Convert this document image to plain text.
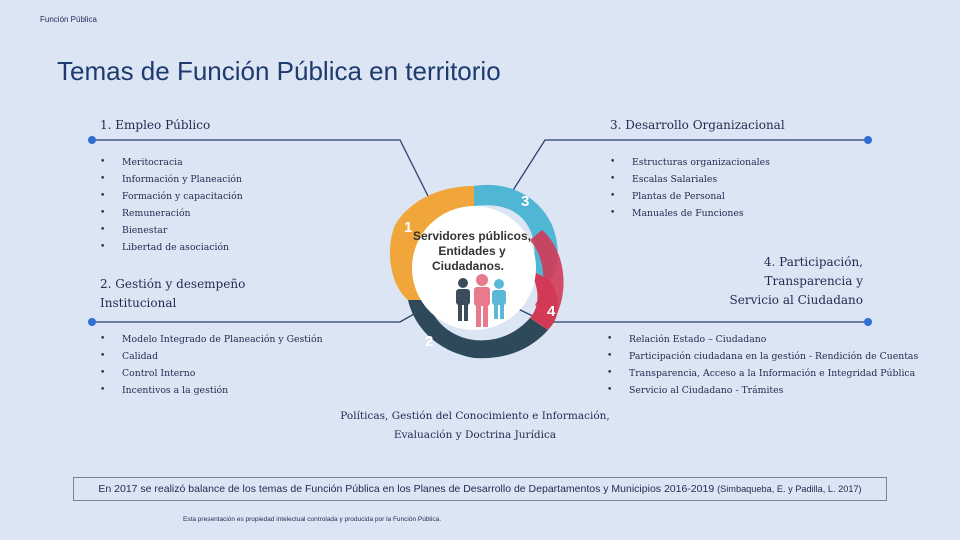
Función Pública
Temas de Función Pública en territorio
1
2
3
4
Servidores públicos,
Entidades y
Ciudadanos.
1. Empleo Público
• Meritocracia
• Información y Planeación
• Formación y capacitación
• Remuneración
• Bienestar
• Libertad de asociación
2. Gestión y desempeño
Institucional
• Modelo Integrado de Planeación y Gestión
• Calidad
• Control Interno
• Incentivos a la gestión
3. Desarrollo Organizacional
• Estructuras organizacionales
• Escalas Salariales
• Plantas de Personal
• Manuales de Funciones
4. Participación,
Transparencia y
Servicio al Ciudadano
• Relación Estado – Ciudadano
• Participación ciudadana en la gestión - Rendición de Cuentas
• Transparencia, Acceso a la Información e Integridad Pública
• Servicio al Ciudadano - Trámites
Políticas, Gestión del Conocimiento e Información,
Evaluación y Doctrina Jurídica
En 2017 se realizó balance de los temas de Función Pública en los Planes de Desarrollo de Departamentos y Municipios 2016-2019 (Simbaqueba, E. y Padilla, L. 2017)
Esta presentación es propiedad intelectual controlada y producida por la Función Pública.
